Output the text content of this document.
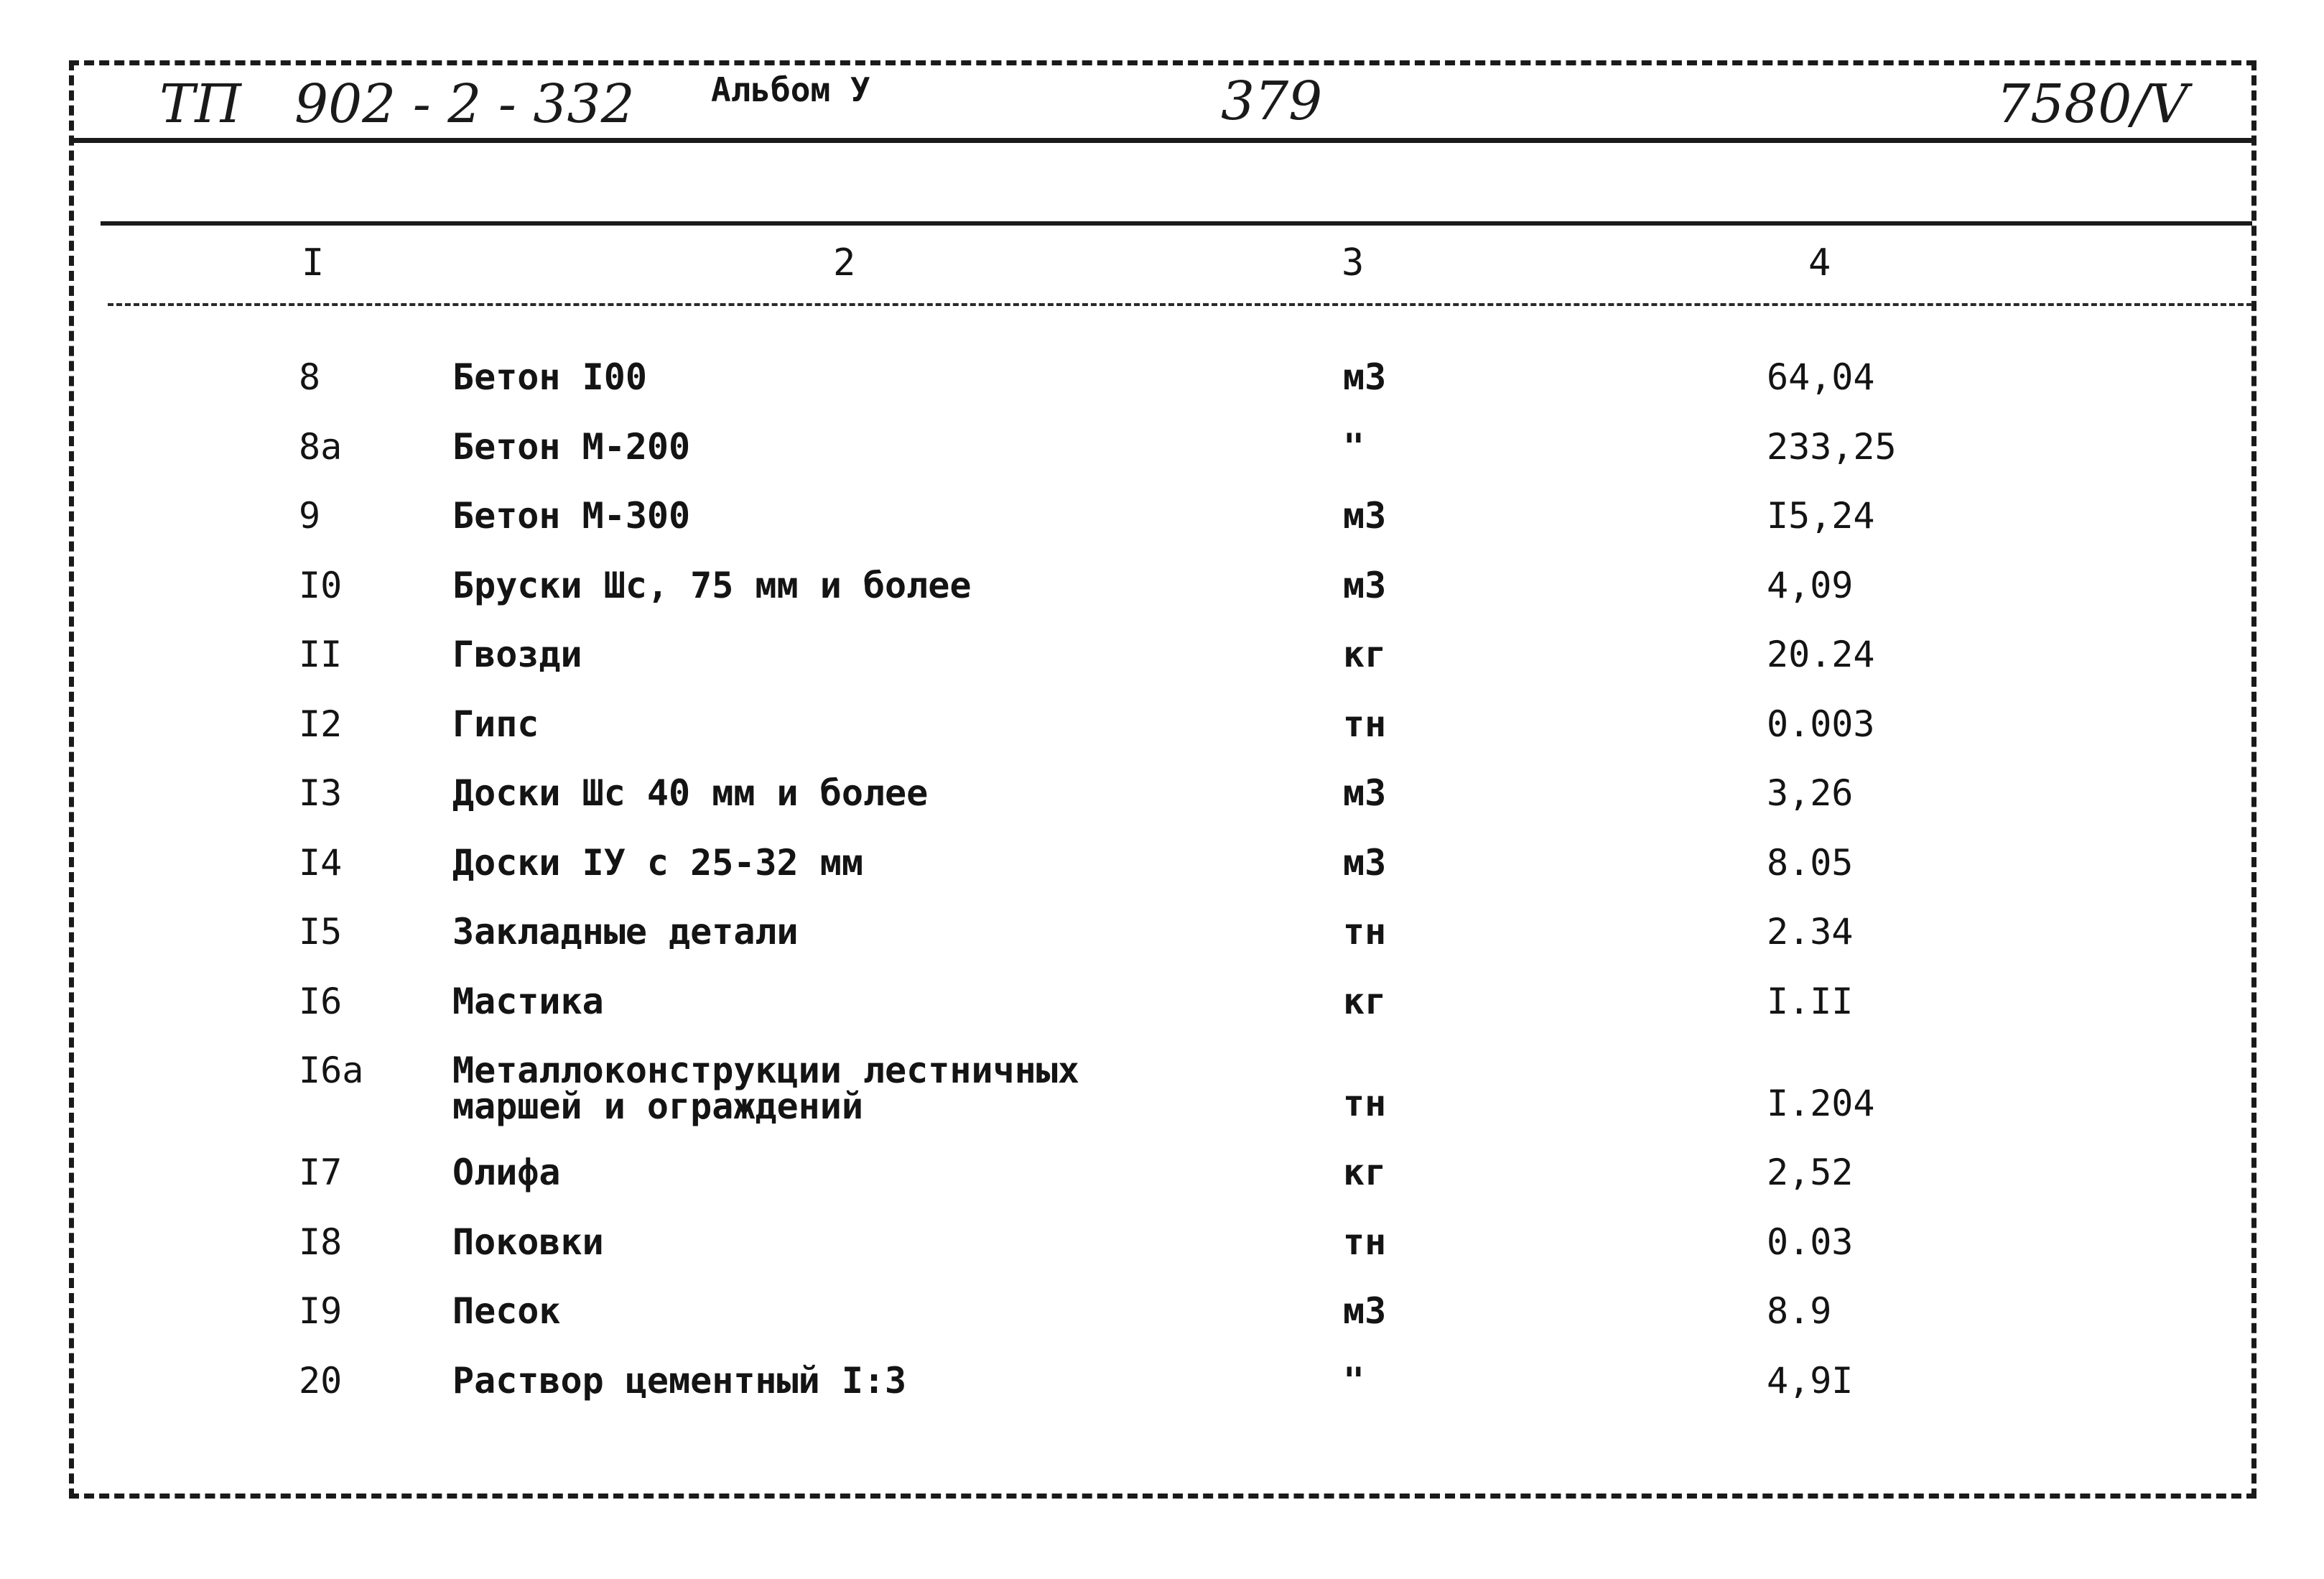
ТП 902 - 2 - 332 Альбом У	379	7580/V
I	2	3	4
8	Бетон I00	м3	64,04
8а	Бетон М-200	"	233,25
9	Бетон М-300	м3	I5,24
I0	Бруски Шс, 75 мм и более	м3	4,09
II	Гвозди	кг	20.24
I2	Гипс	тн	0.003
I3	Доски Шс 40 мм и более	м3	3,26
I4	Доски IУ с 25-32 мм	м3	8.05
I5	Закладные детали	тн	2.34
I6	Мастика	кг	I.II
I6а Металлоконструкции лестничных
маршей и ограждений	тн	I.204
I7	Олифа	кг	2,52
I8	Поковки	тн	0.03
I9	Песок	м3	8.9
20	Раствор цементный I:3	"	4,9I
